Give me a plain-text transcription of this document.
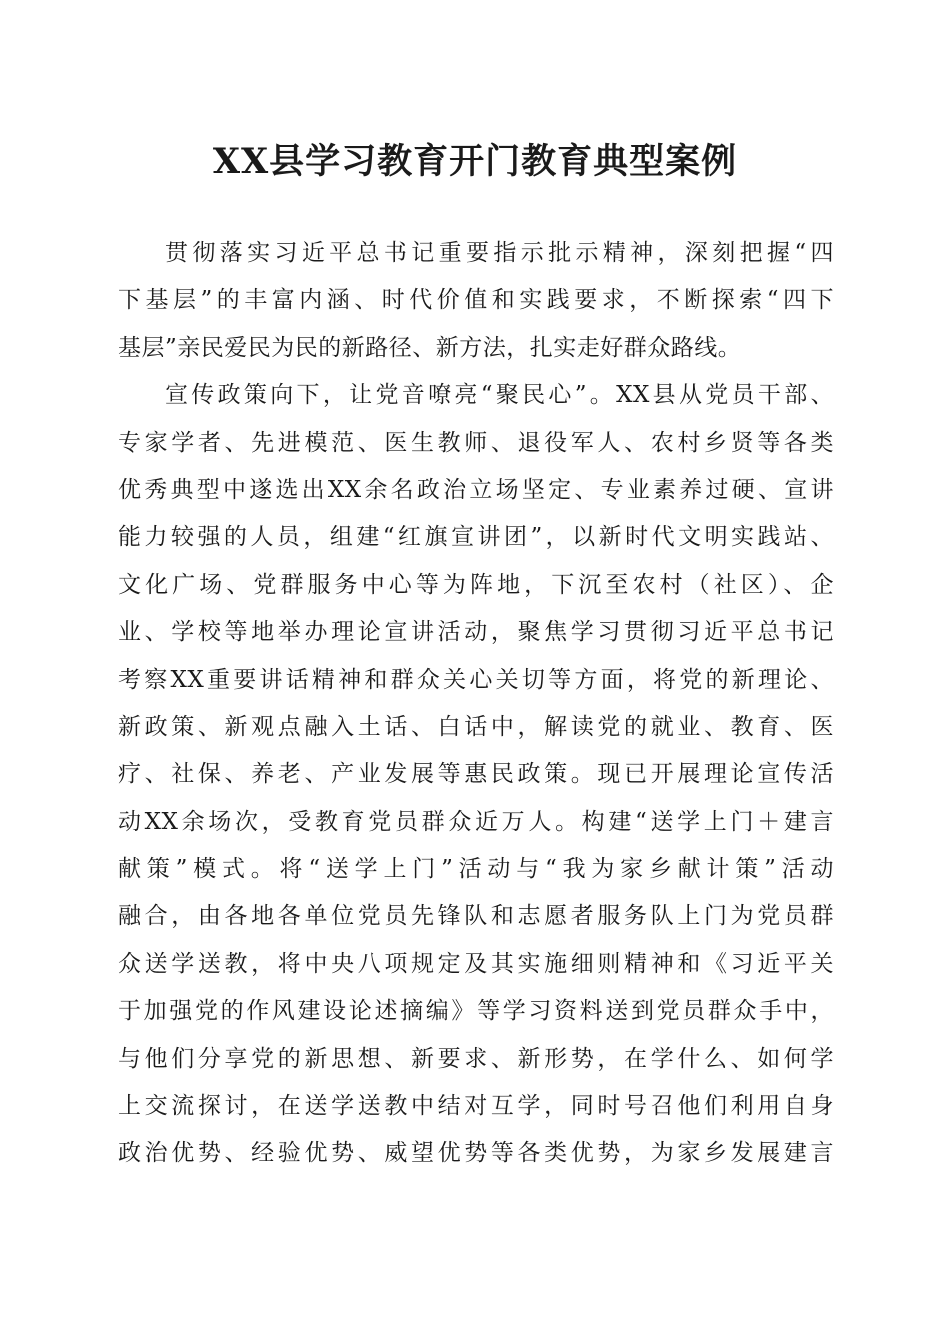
XX县学习教育开门教育典型案例
贯彻落实习近平总书记重要指示批示精神，深刻把握“四
下基层”的丰富内涵、时代价值和实践要求，不断探索“四下
基层”亲民爱民为民的新路径、新方法，扎实走好群众路线。
宣传政策向下，让党音嘹亮“聚民心”。XX县从党员干部、
专家学者、先进模范、医生教师、退役军人、农村乡贤等各类
优秀典型中遂选出XX余名政治立场坚定、专业素养过硬、宣讲
能力较强的人员，组建“红旗宣讲团”，以新时代文明实践站、
文化广场、党群服务中心等为阵地，下沉至农村（社区）、企
业、学校等地举办理论宣讲活动，聚焦学习贯彻习近平总书记
考察XX重要讲话精神和群众关心关切等方面，将党的新理论、
新政策、新观点融入土话、白话中，解读党的就业、教育、医
疗、社保、养老、产业发展等惠民政策。现已开展理论宣传活
动XX余场次，受教育党员群众近万人。构建“送学上门＋建言
献策”模式。将“送学上门”活动与“我为家乡献计策”活动
融合，由各地各单位党员先锋队和志愿者服务队上门为党员群
众送学送教，将中央八项规定及其实施细则精神和《习近平关
于加强党的作风建设论述摘编》等学习资料送到党员群众手中，
与他们分享党的新思想、新要求、新形势，在学什么、如何学
上交流探讨，在送学送教中结对互学，同时号召他们利用自身
政治优势、经验优势、威望优势等各类优势，为家乡发展建言
